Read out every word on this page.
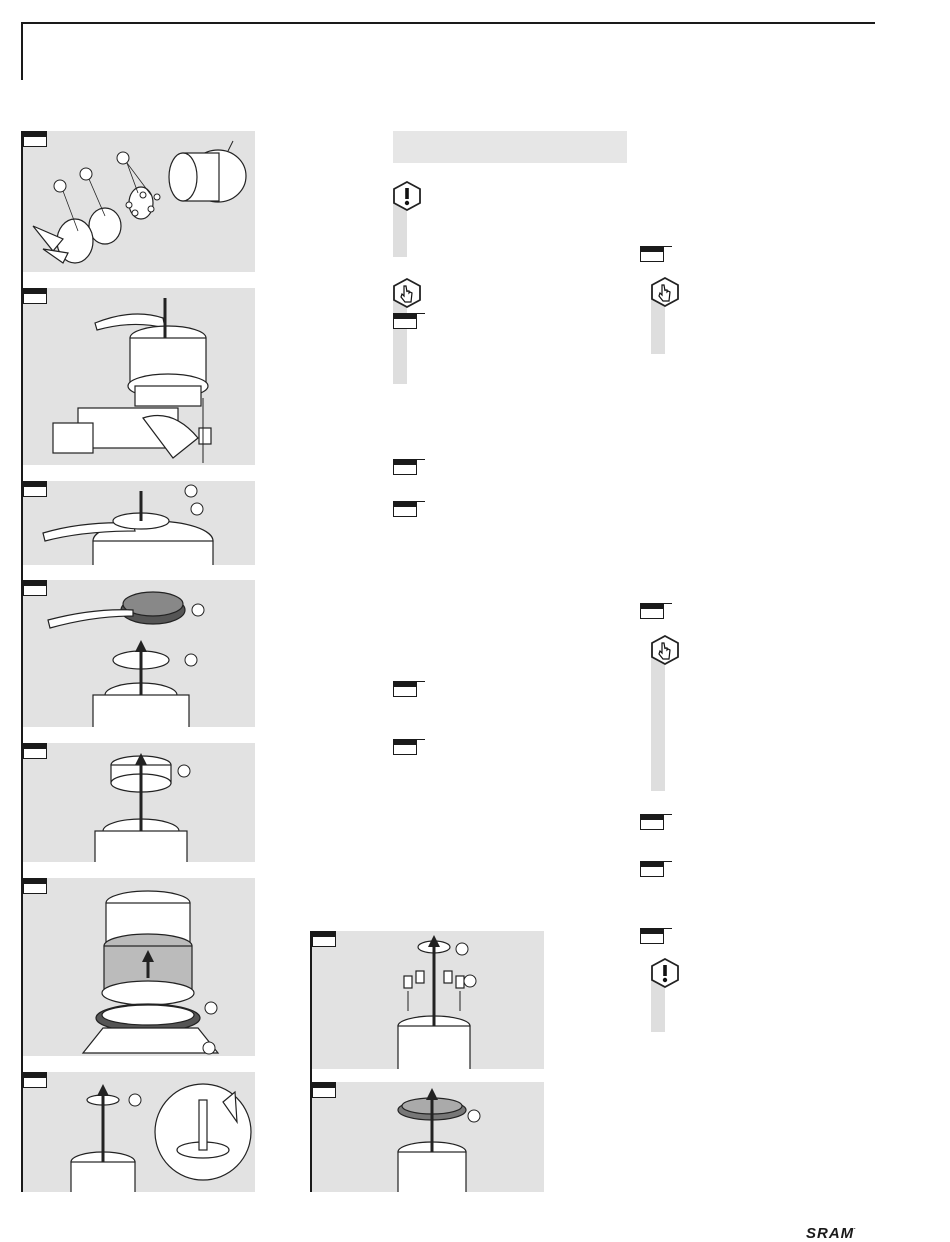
SRAM.
